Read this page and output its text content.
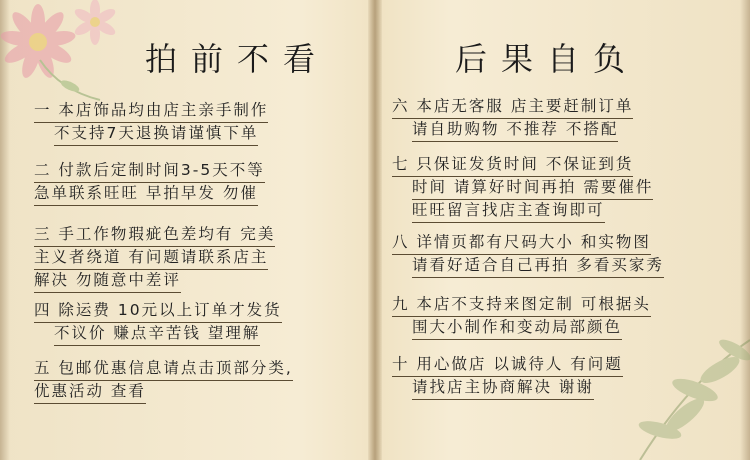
拍前不看	后果自负
一 本店饰品均由店主亲手制作
不支持7天退换请谨慎下单
二 付款后定制时间3-5天不等
急单联系旺旺 早拍早发 勿催
三 手工作物瑕疵色差均有 完美
主义者绕道 有问题请联系店主
解决 勿随意中差评
四 除运费 10元以上订单才发货
不议价 赚点辛苦钱 望理解
五 包邮优惠信息请点击顶部分类,
优惠活动 查看
六 本店无客服 店主要赶制订单
请自助购物 不推荐 不搭配
七 只保证发货时间 不保证到货
时间 请算好时间再拍 需要催件
旺旺留言找店主查询即可
八 详情页都有尺码大小 和实物图
请看好适合自己再拍 多看买家秀
九 本店不支持来图定制 可根据头
围大小制作和变动局部颜色
十 用心做店 以诚待人 有问题
请找店主协商解决 谢谢
